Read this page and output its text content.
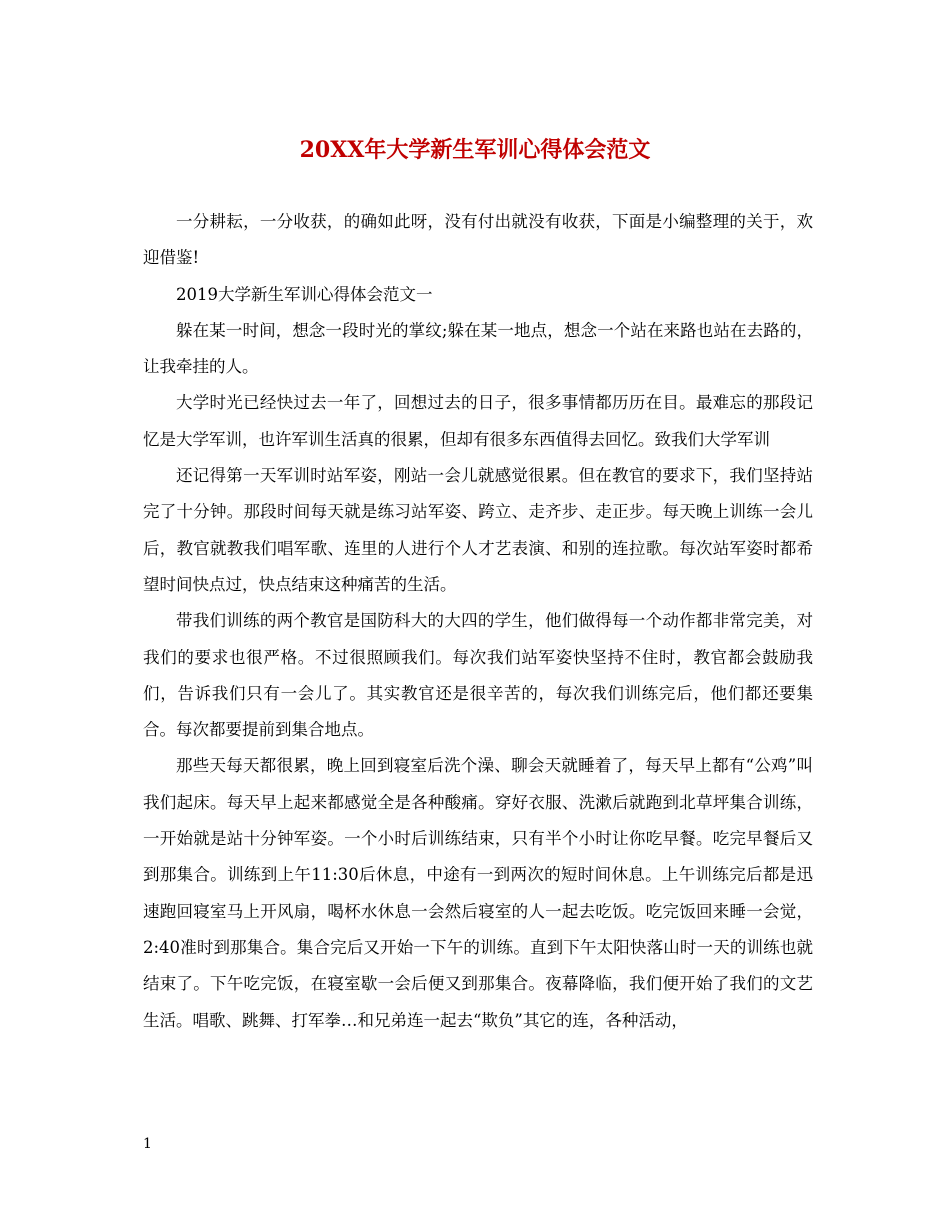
20XX年大学新生军训心得体会范文

一分耕耘，一分收获，的确如此呀，没有付出就没有收获，下面是小编整理的关于，欢迎借鉴!

2019大学新生军训心得体会范文一

躲在某一时间，想念一段时光的掌纹;躲在某一地点，想念一个站在来路也站在去路的，让我牵挂的人。

大学时光已经快过去一年了，回想过去的日子，很多事情都历历在目。最难忘的那段记忆是大学军训，也许军训生活真的很累，但却有很多东西值得去回忆。致我们大学军训

还记得第一天军训时站军姿，刚站一会儿就感觉很累。但在教官的要求下，我们坚持站完了十分钟。那段时间每天就是练习站军姿、跨立、走齐步、走正步。每天晚上训练一会儿后，教官就教我们唱军歌、连里的人进行个人才艺表演、和别的连拉歌。每次站军姿时都希望时间快点过，快点结束这种痛苦的生活。

带我们训练的两个教官是国防科大的大四的学生，他们做得每一个动作都非常完美，对我们的要求也很严格。不过很照顾我们。每次我们站军姿快坚持不住时，教官都会鼓励我们，告诉我们只有一会儿了。其实教官还是很辛苦的，每次我们训练完后，他们都还要集合。每次都要提前到集合地点。

那些天每天都很累，晚上回到寝室后洗个澡、聊会天就睡着了，每天早上都有“公鸡”叫我们起床。每天早上起来都感觉全是各种酸痛。穿好衣服、洗漱后就跑到北草坪集合训练，一开始就是站十分钟军姿。一个小时后训练结束，只有半个小时让你吃早餐。吃完早餐后又到那集合。训练到上午11:30后休息，中途有一到两次的短时间休息。上午训练完后都是迅速跑回寝室马上开风扇，喝杯水休息一会然后寝室的人一起去吃饭。吃完饭回来睡一会觉，2:40准时到那集合。集合完后又开始一下午的训练。直到下午太阳快落山时一天的训练也就结束了。下午吃完饭，在寝室歇一会后便又到那集合。夜幕降临，我们便开始了我们的文艺生活。唱歌、跳舞、打军拳…和兄弟连一起去“欺负”其它的连，各种活动，

1
